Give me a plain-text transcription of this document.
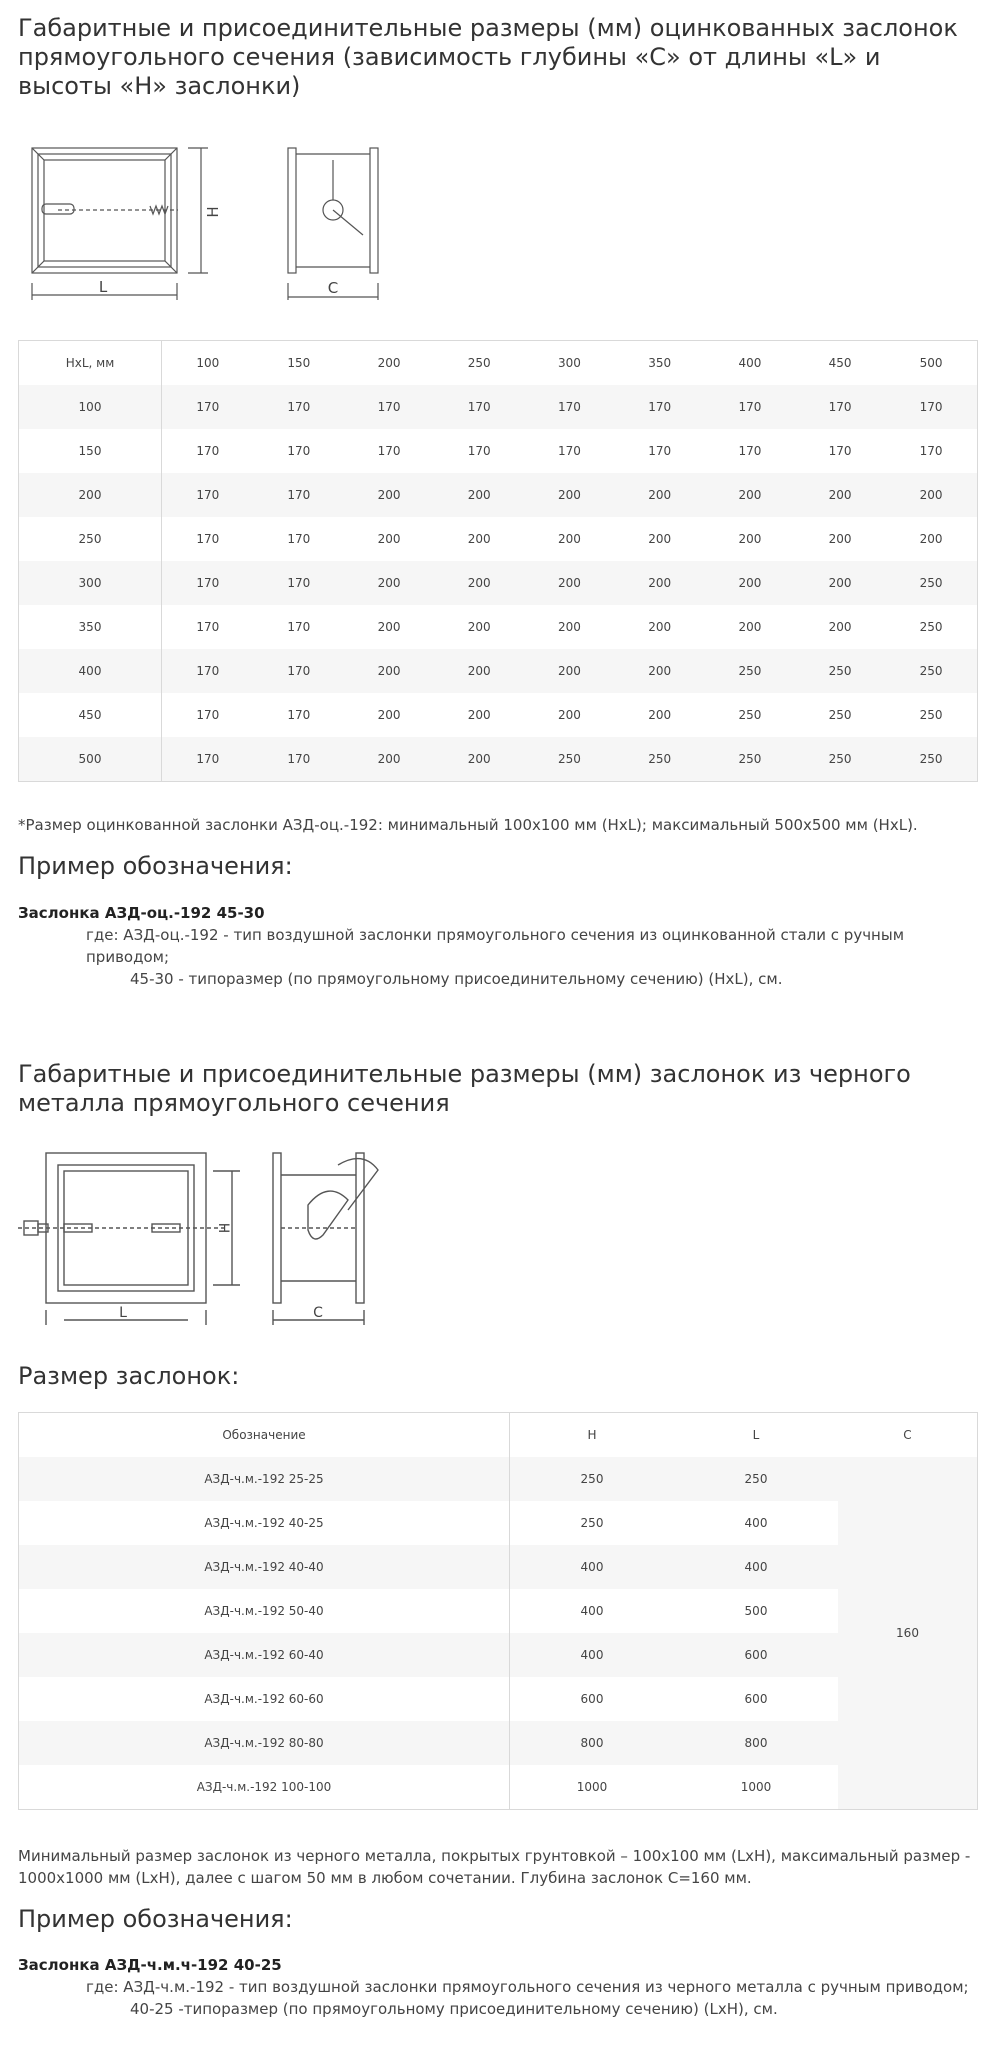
Габаритные и присоединительные размеры (мм) оцинкованных заслонок прямоугольного сечения (зависимость глубины «С» от длины «L» и высоты «Н» заслонки)
L
H
C
НхL, мм	100	150	200	250	300	350	400	450	500
100	170	170	170	170	170	170	170	170	170
150	170	170	170	170	170	170	170	170	170
200	170	170	200	200	200	200	200	200	200
250	170	170	200	200	200	200	200	200	200
300	170	170	200	200	200	200	200	200	250
350	170	170	200	200	200	200	200	200	250
400	170	170	200	200	200	200	250	250	250
450	170	170	200	200	200	200	250	250	250
500	170	170	200	200	250	250	250	250	250
*Размер оцинкованной заслонки АЗД-оц.-192: минимальный 100х100 мм (НхL); максимальный 500х500 мм (НхL).
Пример обозначения:
Заслонка АЗД-оц.-192 45-30
где: АЗД-оц.-192 - тип воздушной заслонки прямоугольного сечения из оцинкованной стали с ручным приводом;
45-30 - типоразмер (по прямоугольному присоединительному сечению) (НхL), см.
Габаритные и присоединительные размеры (мм) заслонок из черного металла прямоугольного сечения
L
H
C
Размер заслонок:
Обозначение	H	L	C
АЗД-ч.м.-192 25-25	250	250	160
АЗД-ч.м.-192 40-25	250	400	
АЗД-ч.м.-192 40-40	400	400	
АЗД-ч.м.-192 50-40	400	500	
АЗД-ч.м.-192 60-40	400	600	
АЗД-ч.м.-192 60-60	600	600	
АЗД-ч.м.-192 80-80	800	800	
АЗД-ч.м.-192 100-100	1000	1000	
Минимальный размер заслонок из черного металла, покрытых грунтовкой – 100х100 мм (LxH), максимальный размер - 1000х1000 мм (LxH), далее с шагом 50 мм в любом сочетании. Глубина заслонок С=160 мм.
Пример обозначения:
Заслонка АЗД-ч.м.ч-192 40-25
где: АЗД-ч.м.-192 - тип воздушной заслонки прямоугольного сечения из черного металла с ручным приводом;
40-25 -типоразмер (по прямоугольному присоединительному сечению) (LxH), см.
